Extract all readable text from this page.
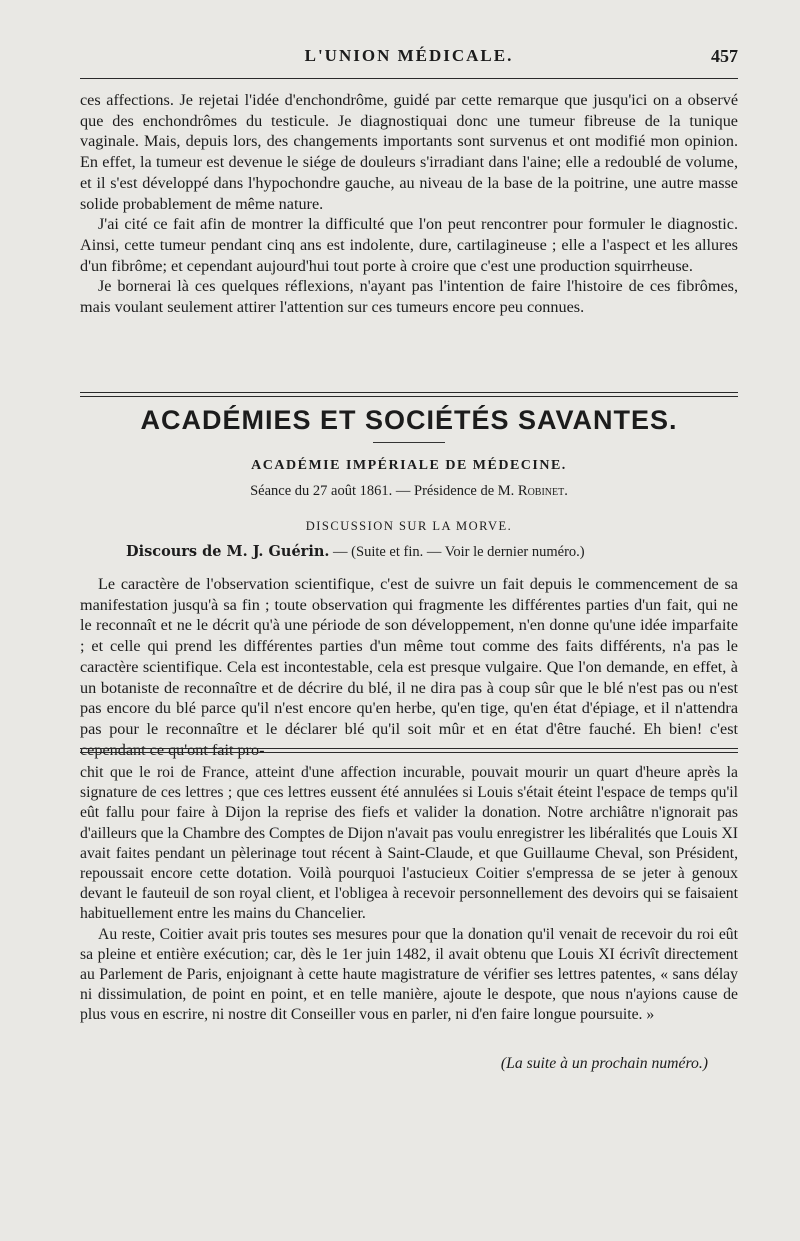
L'UNION MÉDICALE.	457

ces affections. Je rejetai l'idée d'enchondrôme, guidé par cette remarque que jusqu'ici on a observé que des enchondrômes du testicule. Je diagnostiquai donc une tumeur fibreuse de la tunique vaginale. Mais, depuis lors, des changements importants sont survenus et ont modifié mon opinion. En effet, la tumeur est devenue le siége de douleurs s'irradiant dans l'aine; elle a redoublé de volume, et il s'est développé dans l'hypochondre gauche, au niveau de la base de la poitrine, une autre masse solide probablement de même nature.

J'ai cité ce fait afin de montrer la difficulté que l'on peut rencontrer pour formuler le diagnostic. Ainsi, cette tumeur pendant cinq ans est indolente, dure, cartilagineuse ; elle a l'aspect et les allures d'un fibrôme; et cependant aujourd'hui tout porte à croire que c'est une production squirrheuse.

Je bornerai là ces quelques réflexions, n'ayant pas l'intention de faire l'histoire de ces fibrômes, mais voulant seulement attirer l'attention sur ces tumeurs encore peu connues.

ACADÉMIES ET SOCIÉTÉS SAVANTES.

ACADÉMIE IMPÉRIALE DE MÉDECINE.

Séance du 27 août 1861. — Présidence de M. Robinet.

DISCUSSION SUR LA MORVE.

Discours de M. J. Guérin. — (Suite et fin. — Voir le dernier numéro.)

Le caractère de l'observation scientifique, c'est de suivre un fait depuis le commencement de sa manifestation jusqu'à sa fin ; toute observation qui fragmente les différentes parties d'un fait, qui ne le reconnaît et ne le décrit qu'à une période de son développement, n'en donne qu'une idée imparfaite ; et celle qui prend les différentes parties d'un même tout comme des faits différents, n'a pas le caractère scientifique. Cela est incontestable, cela est presque vulgaire. Que l'on demande, en effet, à un botaniste de reconnaître et de décrire du blé, il ne dira pas à coup sûr que le blé n'est pas ou n'est pas encore du blé parce qu'il n'est encore qu'en herbe, qu'en tige, qu'en état d'épiage, et il n'attendra pas pour le reconnaître et le déclarer blé qu'il soit mûr et en état d'être fauché. Eh bien! c'est cependant ce qu'ont fait pro-

chit que le roi de France, atteint d'une affection incurable, pouvait mourir un quart d'heure après la signature de ces lettres ; que ces lettres eussent été annulées si Louis s'était éteint l'espace de temps qu'il eût fallu pour faire à Dijon la reprise des fiefs et valider la donation. Notre archiâtre n'ignorait pas d'ailleurs que la Chambre des Comptes de Dijon n'avait pas voulu enregistrer les libéralités que Louis XI avait faites pendant un pèlerinage tout récent à Saint-Claude, et que Guillaume Cheval, son Président, repoussait encore cette dotation. Voilà pourquoi l'astucieux Coitier s'empressa de se jeter à genoux devant le fauteuil de son royal client, et l'obligea à recevoir personnellement des devoirs qui se faisaient habituellement entre les mains du Chancelier.

Au reste, Coitier avait pris toutes ses mesures pour que la donation qu'il venait de recevoir du roi eût sa pleine et entière exécution; car, dès le 1er juin 1482, il avait obtenu que Louis XI écrivît directement au Parlement de Paris, enjoignant à cette haute magistrature de vérifier ses lettres patentes, « sans délay ni dissimulation, de point en point, et en telle manière, ajoute le despote, que nous n'ayions cause de plus vous en escrire, ni nostre dit Conseiller vous en parler, ni d'en faire longue poursuite. »

(La suite à un prochain numéro.)
